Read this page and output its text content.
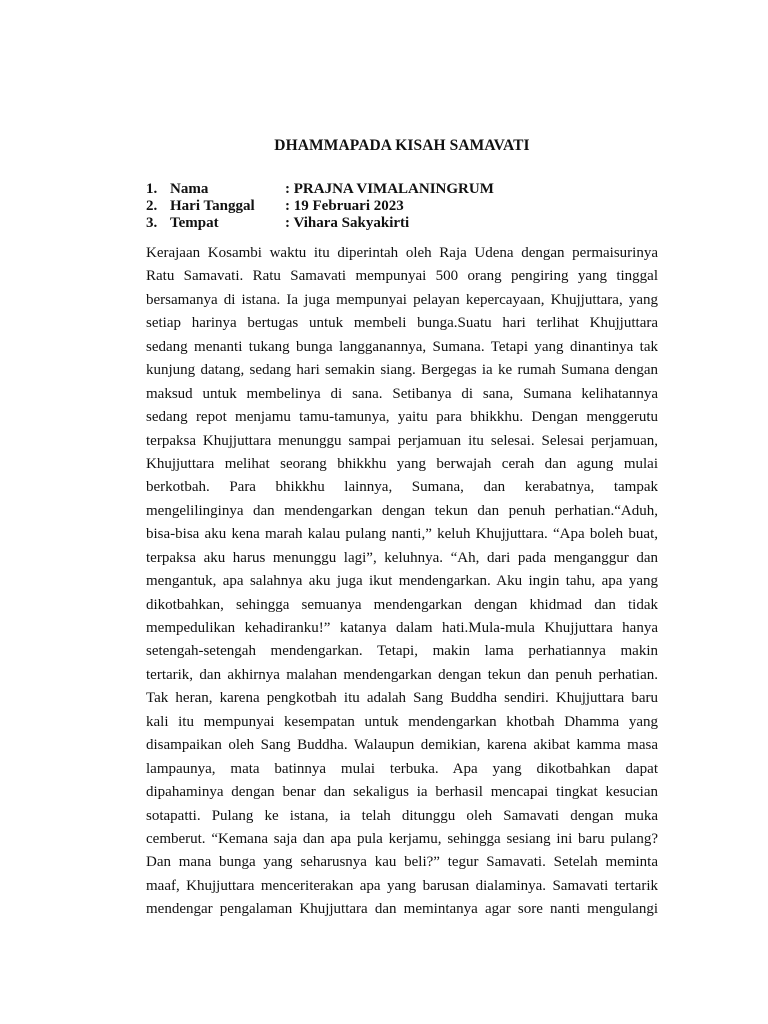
DHAMMAPADA KISAH SAMAVATI
1. Nama	: PRAJNA VIMALANINGRUM
2. Hari Tanggal	: 19 Februari 2023
3. Tempat	: Vihara Sakyakirti
Kerajaan Kosambi waktu itu diperintah oleh Raja Udena dengan permaisurinya
Ratu Samavati. Ratu Samavati mempunyai 500 orang pengiring yang tinggal
bersamanya di istana. Ia juga mempunyai pelayan kepercayaan, Khujjuttara, yang
setiap harinya bertugas untuk membeli bunga.Suatu hari terlihat Khujjuttara
sedang menanti tukang bunga langganannya, Sumana. Tetapi yang dinantinya tak
kunjung datang, sedang hari semakin siang. Bergegas ia ke rumah Sumana dengan
maksud untuk membelinya di sana. Setibanya di sana, Sumana kelihatannya
sedang repot menjamu tamu-tamunya, yaitu para bhikkhu. Dengan menggerutu
terpaksa Khujjuttara menunggu sampai perjamuan itu selesai. Selesai perjamuan,
Khujjuttara melihat seorang bhikkhu yang berwajah cerah dan agung mulai
berkotbah. Para bhikkhu lainnya, Sumana, dan kerabatnya, tampak
mengelilinginya dan mendengarkan dengan tekun dan penuh perhatian.“Aduh,
bisa-bisa aku kena marah kalau pulang nanti,” keluh Khujjuttara. “Apa boleh buat,
terpaksa aku harus menunggu lagi”, keluhnya. “Ah, dari pada menganggur dan
mengantuk, apa salahnya aku juga ikut mendengarkan. Aku ingin tahu, apa yang
dikotbahkan, sehingga semuanya mendengarkan dengan khidmad dan tidak
mempedulikan kehadiranku!” katanya dalam hati.Mula-mula Khujjuttara hanya
setengah-setengah mendengarkan. Tetapi, makin lama perhatiannya makin
tertarik, dan akhirnya malahan mendengarkan dengan tekun dan penuh perhatian.
Tak heran, karena pengkotbah itu adalah Sang Buddha sendiri. Khujjuttara baru
kali itu mempunyai kesempatan untuk mendengarkan khotbah Dhamma yang
disampaikan oleh Sang Buddha. Walaupun demikian, karena akibat kamma masa
lampaunya, mata batinnya mulai terbuka. Apa yang dikotbahkan dapat
dipahaminya dengan benar dan sekaligus ia berhasil mencapai tingkat kesucian
sotapatti. Pulang ke istana, ia telah ditunggu oleh Samavati dengan muka
cemberut. “Kemana saja dan apa pula kerjamu, sehingga sesiang ini baru pulang?
Dan mana bunga yang seharusnya kau beli?” tegur Samavati. Setelah meminta
maaf, Khujjuttara menceriterakan apa yang barusan dialaminya. Samavati tertarik
mendengar pengalaman Khujjuttara dan memintanya agar sore nanti mengulangi
